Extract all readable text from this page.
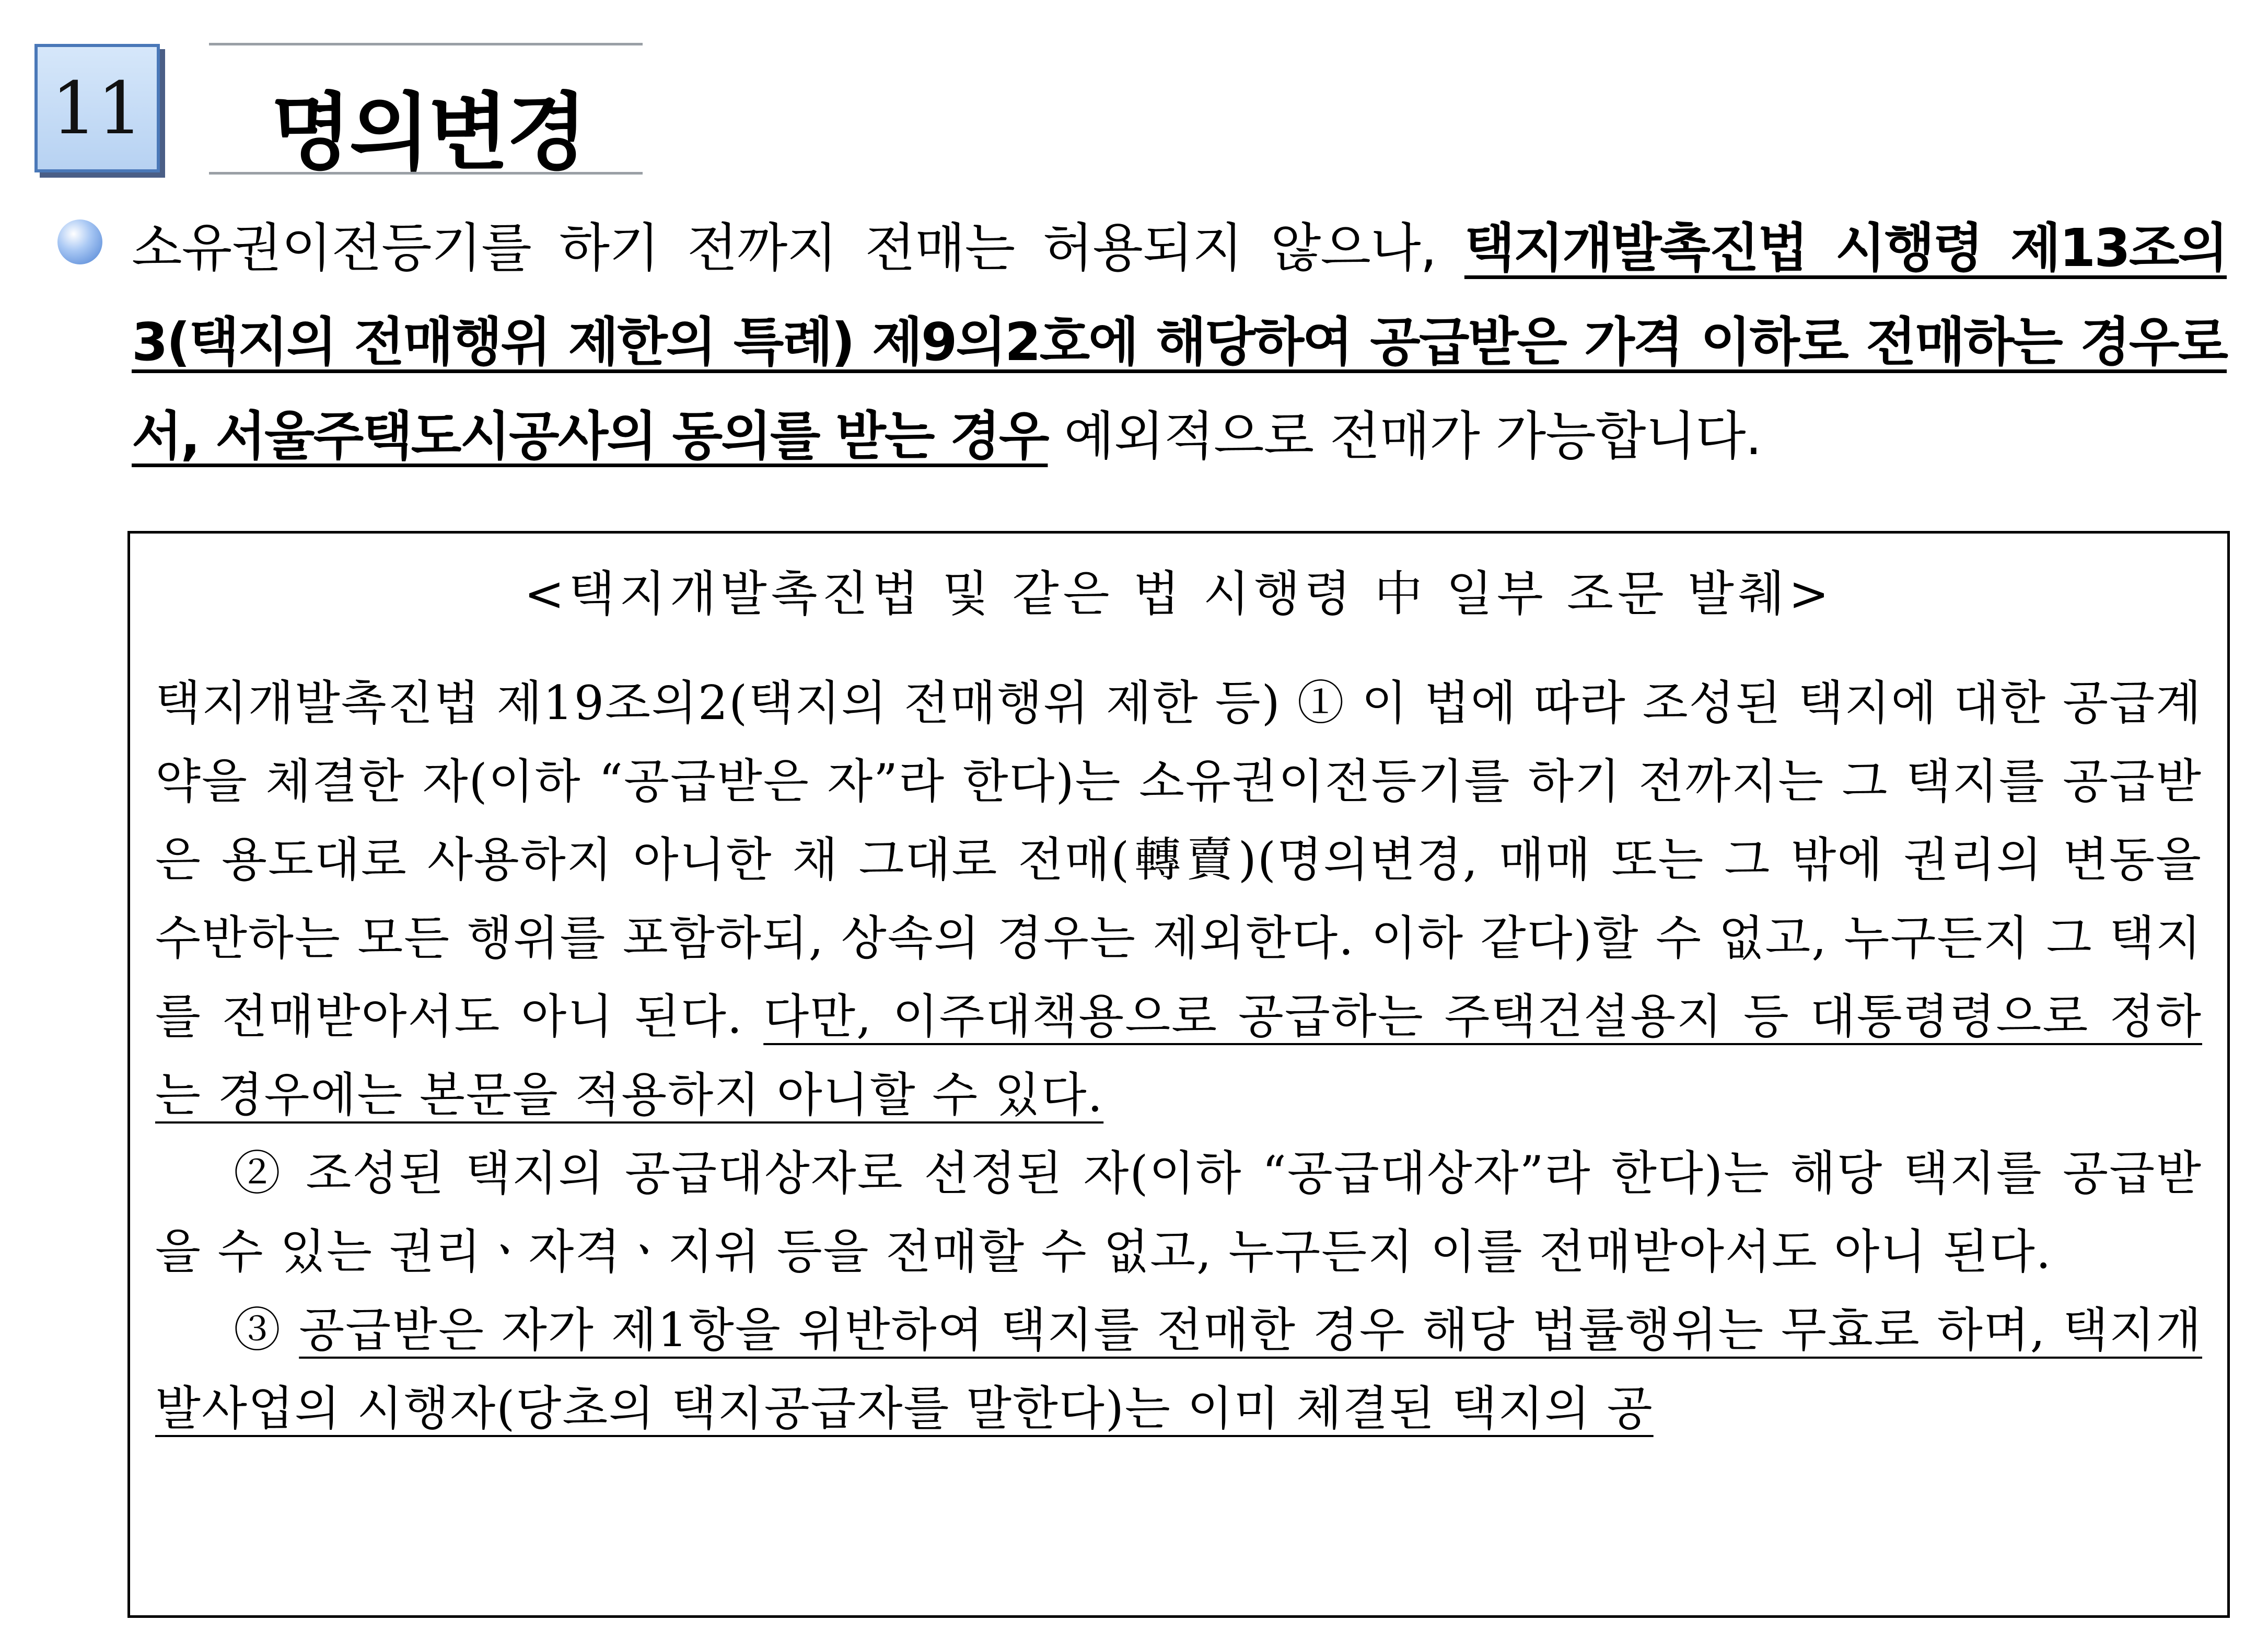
11 명의변경
소유권이전등기를 하기 전까지 전매는 허용되지 않으나, 택지개발촉진법 시행령 제13조의3(택지의 전매행위 제한의 특례) 제9의2호에 해당하여 공급받은 가격 이하로 전매하는 경우로서, 서울주택도시공사의 동의를 받는 경우 예외적으로 전매가 가능합니다.
<택지개발촉진법 및 같은 법 시행령 中 일부 조문 발췌>

택지개발촉진법 제19조의2(택지의 전매행위 제한 등) ① 이 법에 따라 조성된 택지에 대한 공급계약을 체결한 자(이하 “공급받은 자”라 한다)는 소유권이전등기를 하기 전까지는 그 택지를 공급받은 용도대로 사용하지 아니한 채 그대로 전매(轉賣)(명의변경, 매매 또는 그 밖에 권리의 변동을 수반하는 모든 행위를 포함하되, 상속의 경우는 제외한다. 이하 같다)할 수 없고, 누구든지 그 택지를 전매받아서도 아니 된다. 다만, 이주대책용으로 공급하는 주택건설용지 등 대통령령으로 정하는 경우에는 본문을 적용하지 아니할 수 있다.

② 조성된 택지의 공급대상자로 선정된 자(이하 “공급대상자”라 한다)는 해당 택지를 공급받을 수 있는 권리ㆍ자격ㆍ지위 등을 전매할 수 없고, 누구든지 이를 전매받아서도 아니 된다.

③ 공급받은 자가 제1항을 위반하여 택지를 전매한 경우 해당 법률행위는 무효로 하며, 택지개발사업의 시행자(당초의 택지공급자를 말한다)는 이미 체결된 택지의 공
